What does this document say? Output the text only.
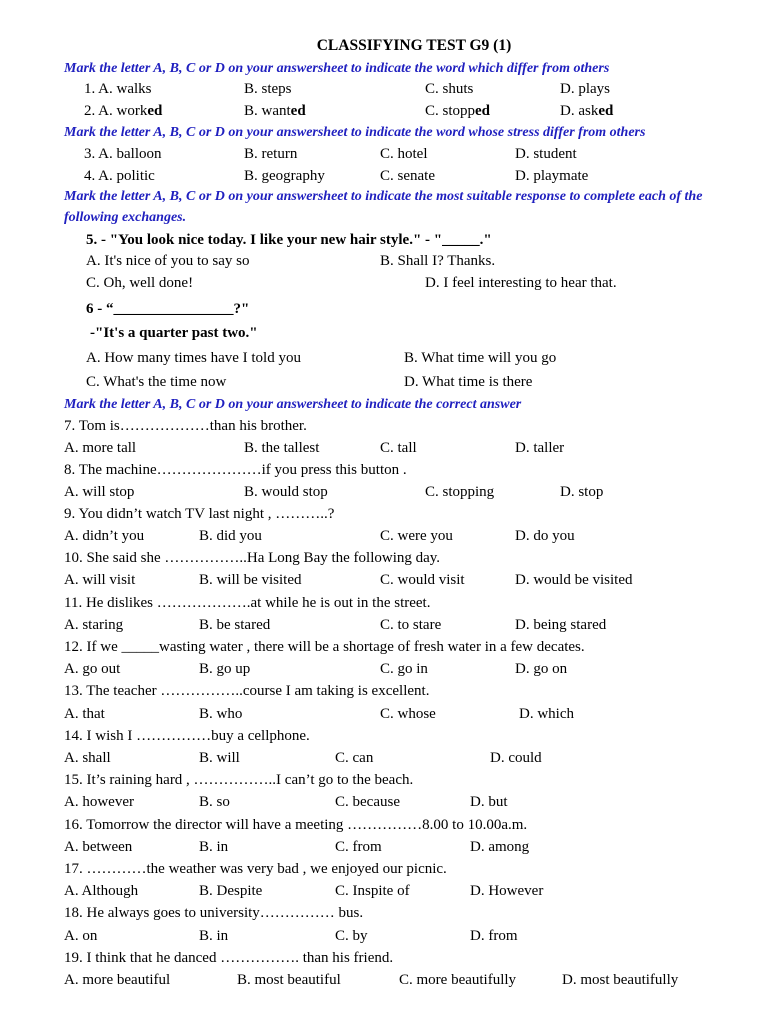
CLASSIFYING TEST G9 (1)
Mark the letter A, B, C or D on your answersheet to indicate the word which differ from others
1. A. walks	B. steps	C. shuts	D. plays
2. A. worked	B. wanted	C. stopped	D. asked
Mark the letter A, B, C or D on your answersheet to indicate the word whose stress differ from others
3. A. balloon	B. return	C. hotel	D. student
4. A. politic	B. geography	C. senate	D. playmate
Mark the letter A, B, C or D on your answersheet to indicate the most suitable response to complete each of the following exchanges.
5. - "You look nice today. I like your new hair style." - "_____."
A. It's nice of you to say so	B. Shall I? Thanks.
C. Oh, well done!	D. I feel interesting to hear that.
6 - “________________?"
-"It's a quarter past two."
A. How many times have I told you	B. What time will you go
C. What's the time now	D. What time is there
Mark the letter A, B, C or D on your answersheet to indicate the correct answer
7. Tom is………………than his brother.
A. more tall	B. the tallest	C. tall	D. taller
8. The machine…………………if you press this button .
A. will stop	B. would stop	C. stopping	D. stop
9. You didn’t watch TV last night , ………..?
A. didn’t you	B. did you	C. were you	D. do you
10. She said she ……………..Ha Long Bay the following day.
A. will visit	B. will be visited	C. would visit	D. would be visited
11. He dislikes ……………….at while he is out in the street.
A. staring	B. be stared	C. to stare	D. being stared
12. If we _____wasting water , there will be a shortage of fresh water in a few decates.
A. go out	B. go up	C. go in	D. go on
13. The teacher ……………..course I am taking is excellent.
A. that	B. who	C. whose	D. which
14. I wish I ……………buy a cellphone.
A. shall	B. will	C. can	D. could
15. It’s raining hard , ……………..I can’t go to the beach.
A. however	B. so	C. because	D. but
16. Tomorrow the director will have a meeting ……………8.00 to 10.00a.m.
A. between	B. in	C. from	D. among
17. …………the weather was very bad , we enjoyed our picnic.
A. Although	B. Despite	C. Inspite of	D. However
18. He always goes to university…………… bus.
A. on	B. in	C. by	D. from
19. I think that he danced ……………. than his friend.
A. more beautiful	B. most beautiful	C. more beautifully	D. most beautifully
